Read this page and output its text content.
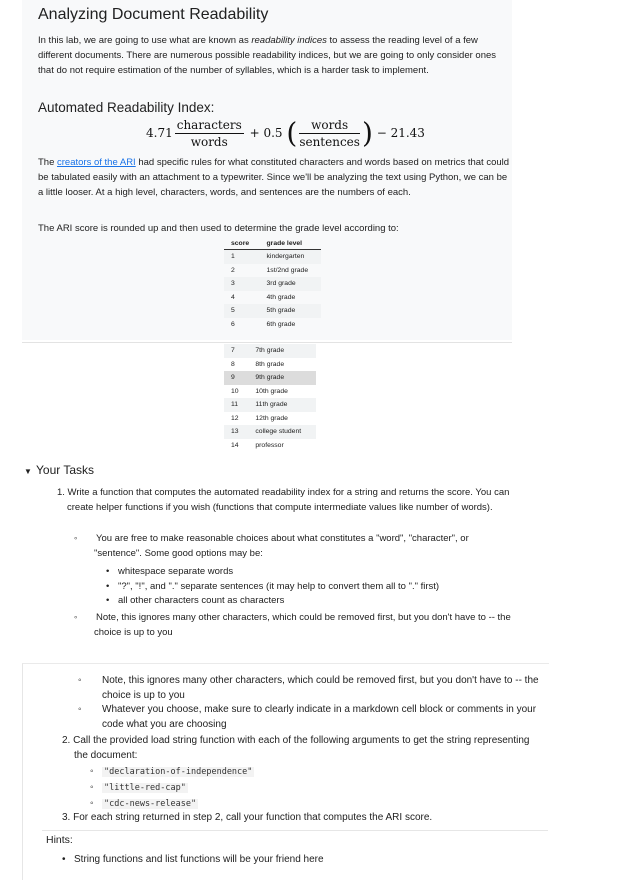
Analyzing Document Readability

In this lab, we are going to use what are known as readability indices to assess the reading level of a few different documents. There are numerous possible readability indices, but we are going to only consider ones that do not require estimation of the number of syllables, which is a harder task to implement.

Automated Readability Index:
$4.71 \frac{\text{characters}}{\text{words}} + 0.5$ ( $\frac{\text{words}}{\text{sentences}}$ ) − 21.43

The creators of the ARI had specific rules for what constituted characters and words based on metrics that could be tabulated easily with an attachment to a typewriter. Since we'll be analyzing the text using Python, we can be a little looser. At a high level, characters, words, and sentences are the numbers of each.

The ARI score is rounded up and then used to determine the grade level according to:

score	grade level
1	kindergarten
2	1st/2nd grade
3	3rd grade
4	4th grade
5	5th grade
6	6th grade
7	7th grade
8	8th grade
9	9th grade
10	10th grade
11	11th grade
12	12th grade
13	college student
14	professor
▼ Your Tasks
1. Write a function that computes the automated readability index for a string and returns the score. You can create helper functions if you wish (functions that compute intermediate values like number of words).
◦ You are free to make reasonable choices about what constitutes a "word", "character", or "sentence". Some good options may be:
• whitespace separate words
• "?", "!", and "." separate sentences (it may help to convert them all to "." first)
• all other characters count as characters
◦ Note, this ignores many other characters, which could be removed first, but you don't have to -- the choice is up to you
◦ Note, this ignores many other characters, which could be removed first, but you don't have to -- the choice is up to you
◦ Whatever you choose, make sure to clearly indicate in a markdown cell block or comments in your code what you are choosing
2. Call the provided load string function with each of the following arguments to get the string representing the document:
◦ "declaration-of-independence"
◦ "little-red-cap"
◦ "cdc-news-release"
3. For each string returned in step 2, call your function that computes the ARI score.
Hints:
• String functions and list functions will be your friend here
